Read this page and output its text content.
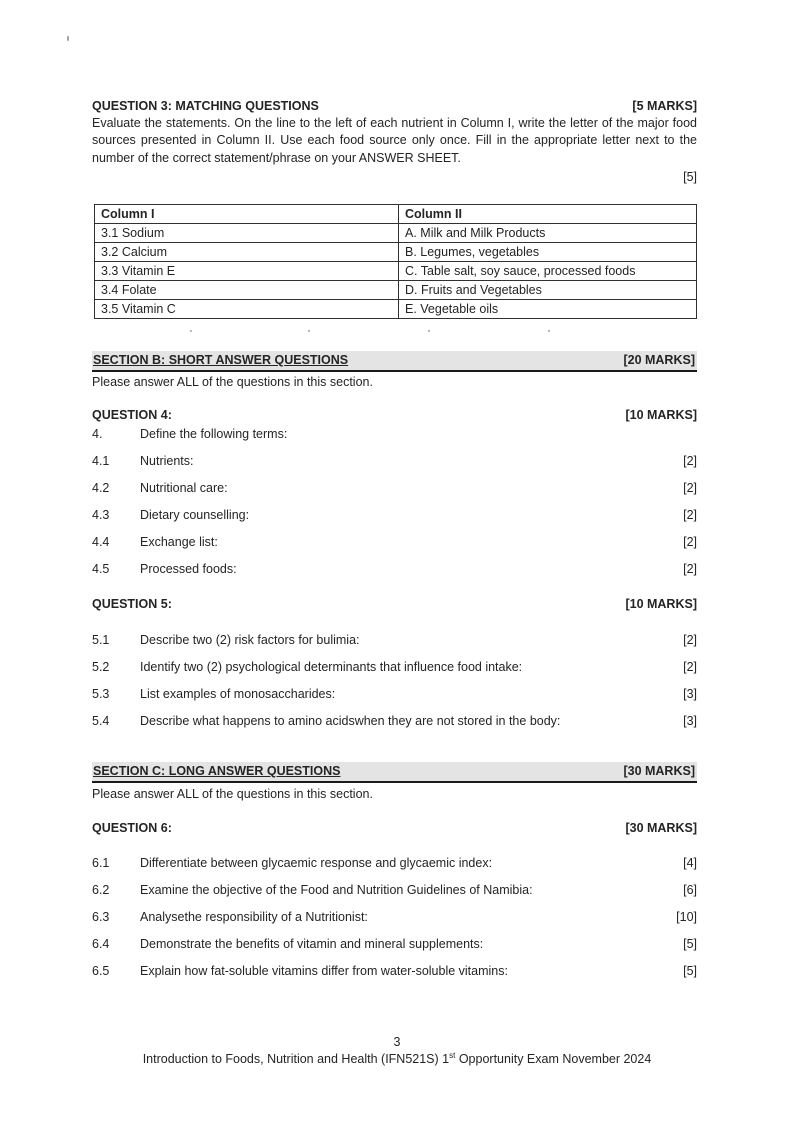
QUESTION 3: MATCHING QUESTIONS	[5 MARKS]
Evaluate the statements. On the line to the left of each nutrient in Column I, write the letter of the major food sources presented in Column II. Use each food source only once. Fill in the appropriate letter next to the number of the correct statement/phrase on your ANSWER SHEET.
[5]
Column I	Column II
3.1 Sodium	A. Milk and Milk Products
3.2 Calcium	B. Legumes, vegetables
3.3 Vitamin E	C. Table salt, soy sauce, processed foods
3.4 Folate	D. Fruits and Vegetables
3.5 Vitamin C	E. Vegetable oils
SECTION B: SHORT ANSWER QUESTIONS	[20 MARKS]
Please answer ALL of the questions in this section.
QUESTION 4:	[10 MARKS]
4.	Define the following terms:
4.1	Nutrients:	[2]
4.2	Nutritional care:	[2]
4.3	Dietary counselling:	[2]
4.4	Exchange list:	[2]
4.5	Processed foods:	[2]
QUESTION 5:	[10 MARKS]
5.1	Describe two (2) risk factors for bulimia:	[2]
5.2	Identify two (2) psychological determinants that influence food intake:	[2]
5.3	List examples of monosaccharides:	[3]
5.4	Describe what happens to amino acidswhen they are not stored in the body:	[3]
SECTION C: LONG ANSWER QUESTIONS	[30 MARKS]
Please answer ALL of the questions in this section.
QUESTION 6:	[30 MARKS]
6.1	Differentiate between glycaemic response and glycaemic index:	[4]
6.2	Examine the objective of the Food and Nutrition Guidelines of Namibia:	[6]
6.3	Analysethe responsibility of a Nutritionist:	[10]
6.4	Demonstrate the benefits of vitamin and mineral supplements:	[5]
6.5	Explain how fat-soluble vitamins differ from water-soluble vitamins:	[5]
3
Introduction to Foods, Nutrition and Health (IFN521S) 1st Opportunity Exam November 2024
